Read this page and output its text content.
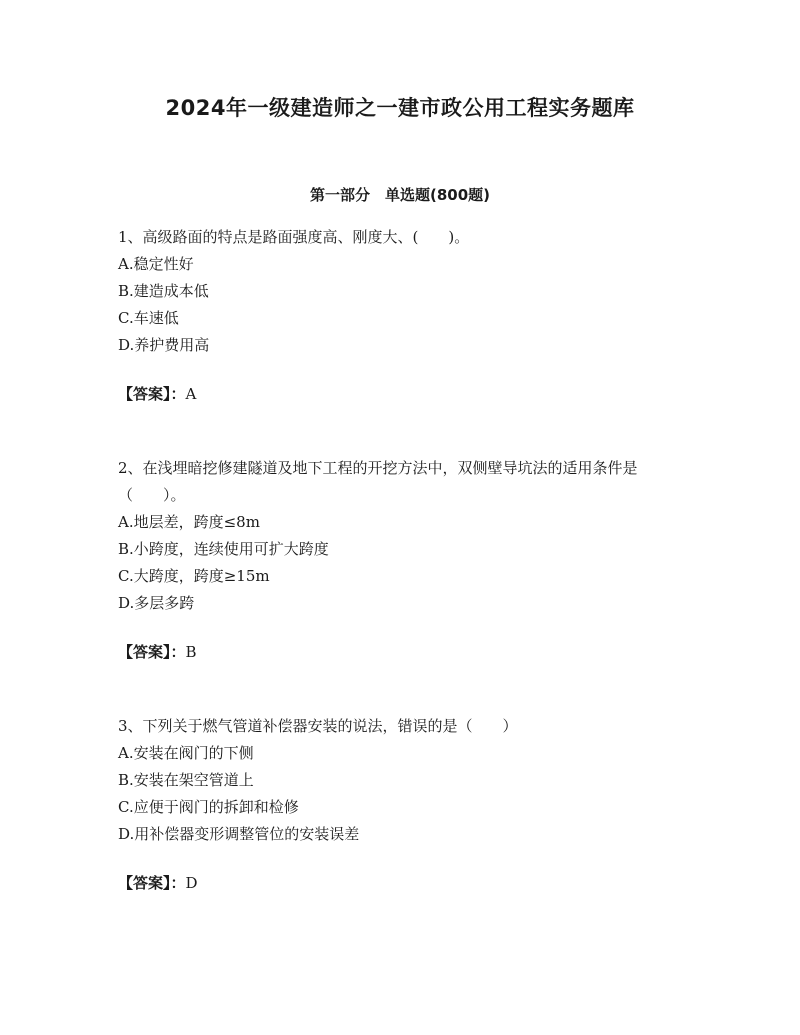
2024年一级建造师之一建市政公用工程实务题库
第一部分　单选题(800题)

1、高级路面的特点是路面强度高、刚度大、(　　)。

A.稳定性好
B.建造成本低
C.车速低
D.养护费用高
【答案】：A

2、在浅埋暗挖修建隧道及地下工程的开挖方法中，双侧壁导坑法的适用条件是（　　）。

A.地层差，跨度≤8m
B.小跨度，连续使用可扩大跨度
C.大跨度，跨度≥15m
D.多层多跨
【答案】：B

3、下列关于燃气管道补偿器安装的说法，错误的是（　　）

A.安装在阀门的下侧
B.安装在架空管道上
C.应便于阀门的拆卸和检修
D.用补偿器变形调整管位的安装误差
【答案】：D
